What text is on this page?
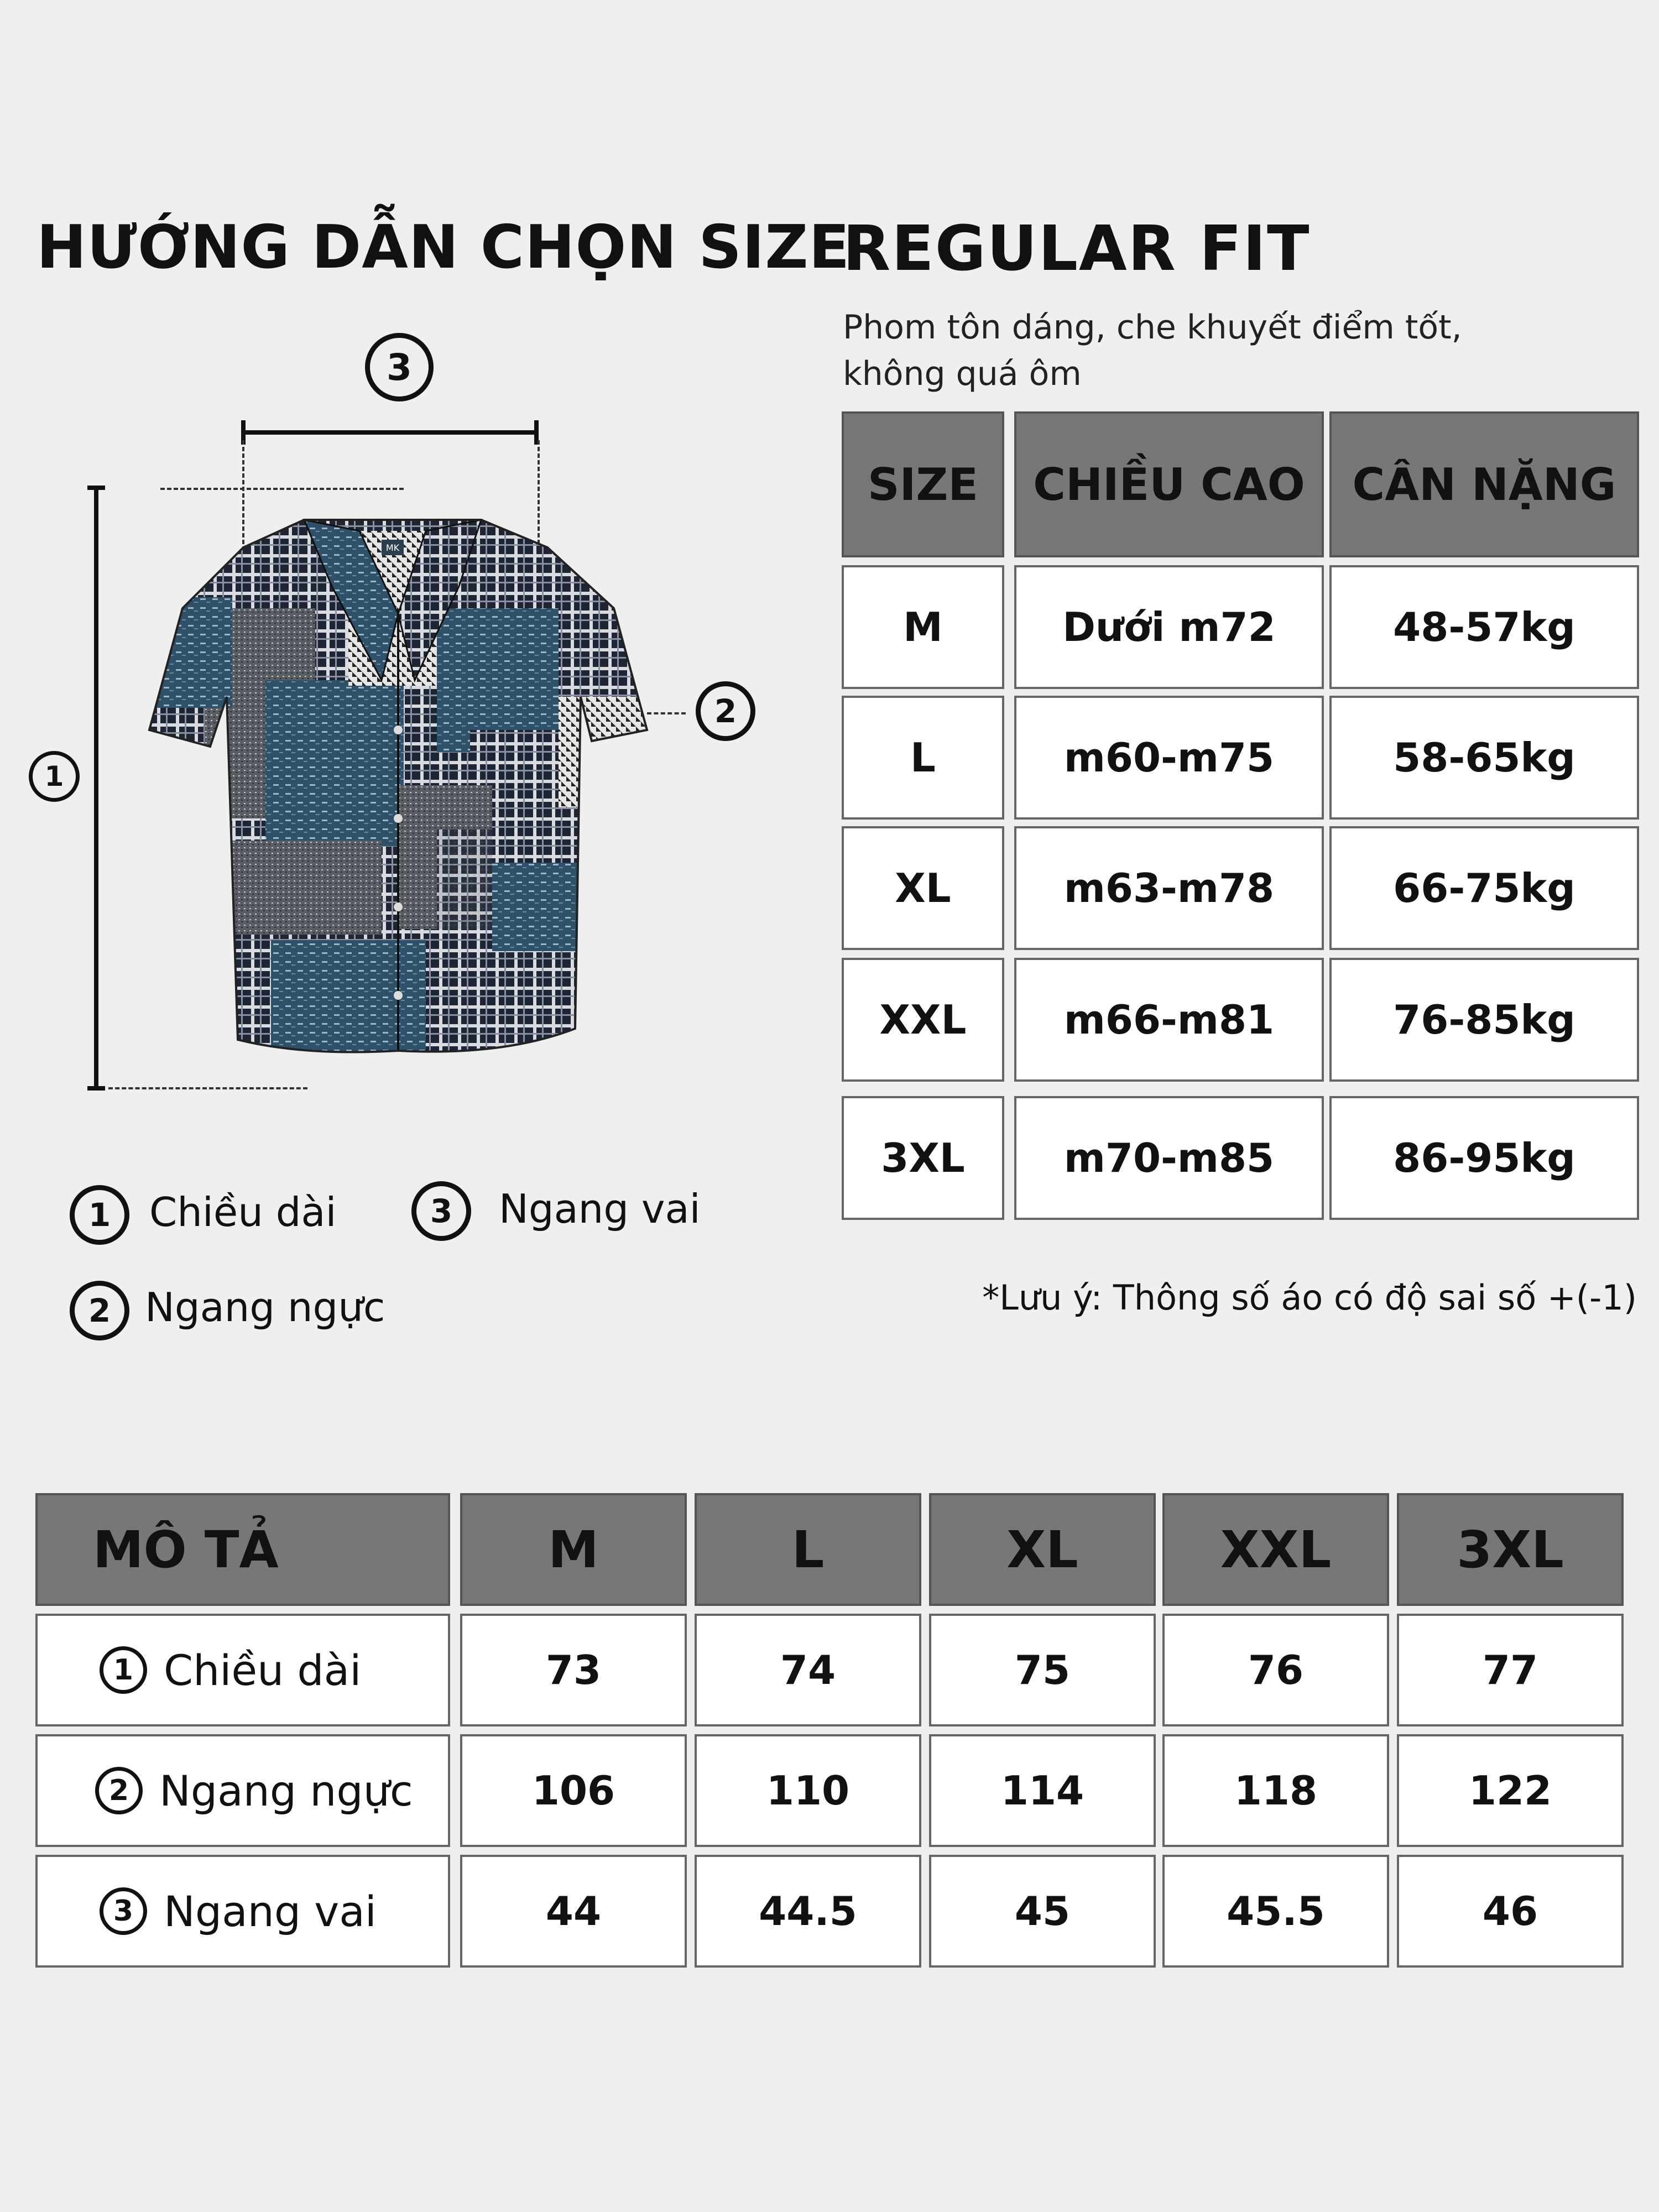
HƯỚNG DẪN CHỌN SIZE
REGULAR FIT
Phom tôn dáng, che khuyết điểm tốt, không quá ôm
3
1
2
MK
1 Chiều dài	3 Ngang vai
2 Ngang ngực
SIZE	CHIỀU CAO	CÂN NẶNG
M	Dưới m72	48-57kg
L	m60-m75	58-65kg
XL	m63-m78	66-75kg
XXL	m66-m81	76-85kg
3XL	m70-m85	86-95kg
*Lưu ý: Thông số áo có độ sai số +(-1)
MÔ TẢ	M	L	XL	XXL	3XL
1 Chiều dài	73	74	75	76	77
2 Ngang ngực	106	110	114	118	122
3 Ngang vai	44	44.5	45	45.5	46
